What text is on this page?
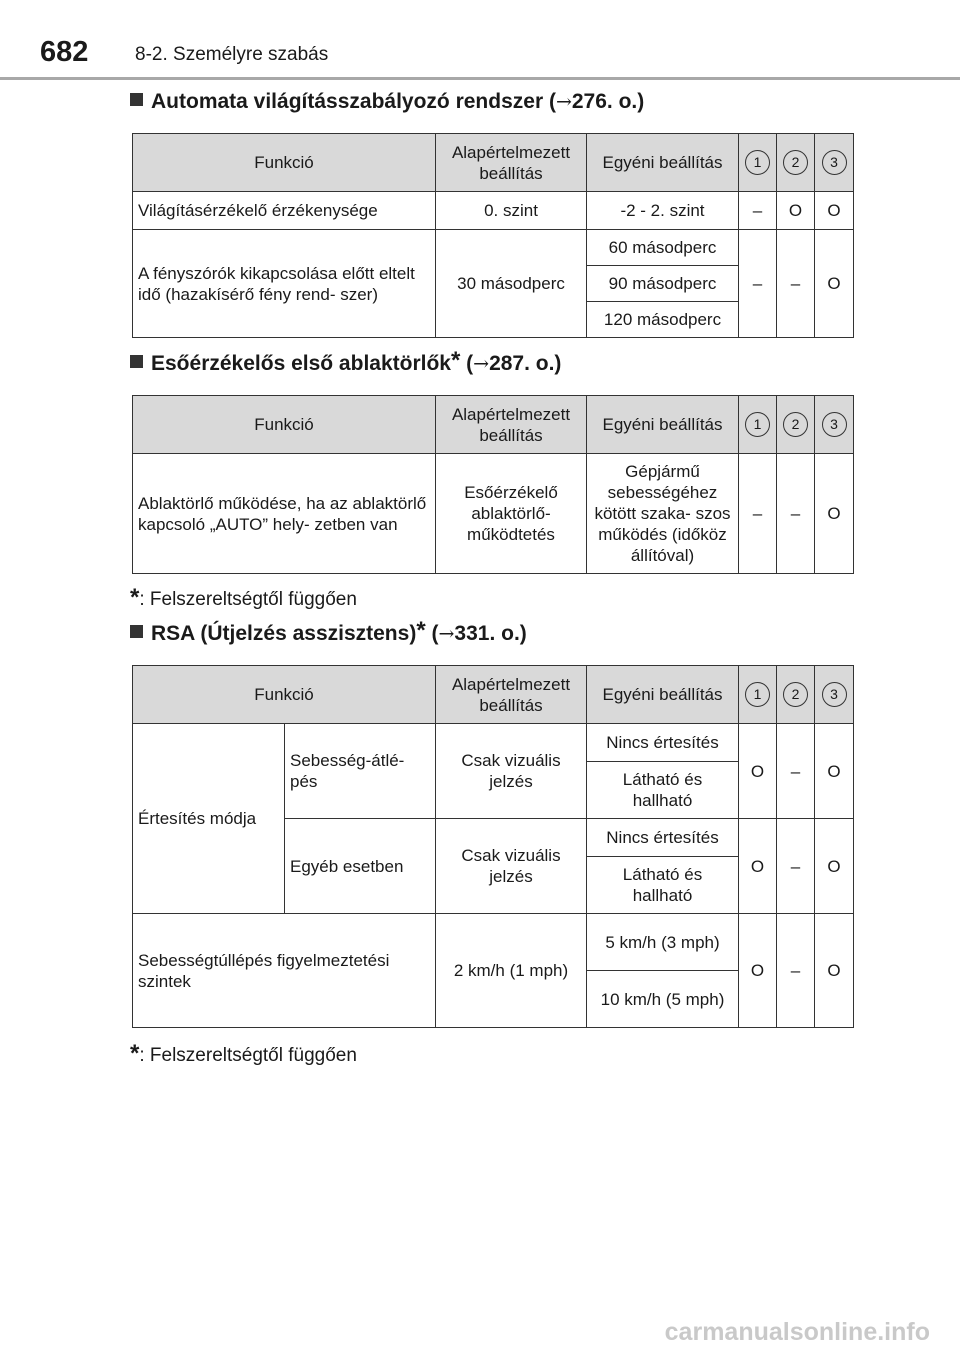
682 8-2. Személyre szabás
Automata világításszabályozó rendszer (→276. o.)
Funkció	Alapértelmezett beállítás	Egyéni beállítás	1	2	3
Világításérzékelő érzékenysége	0. szint	-2 - 2. szint	–	O	O
A fényszórók kikapcsolása előtt eltelt idő (hazakísérő fény rend- szer)	30 másodperc	60 másodperc	–	–	O
		90 másodperc			
		120 másodperc			
Esőérzékelős első ablaktörlők* (→287. o.)
Funkció	Alapértelmezett beállítás	Egyéni beállítás	1	2	3
Ablaktörlő működése, ha az ablaktörlő kapcsoló „AUTO” hely- zetben van	Esőérzékelő ablaktörlő- működtetés	Gépjármű sebességéhez kötött szaka- szos működés (időköz állítóval)	–	–	O
*: Felszereltségtől függően
RSA (Útjelzés asszisztens)* (→331. o.)
Funkció		Alapértelmezett beállítás	Egyéni beállítás	1	2	3
Értesítés módja	Sebesség-átlé- pés	Csak vizuális jelzés	Nincs értesítés	O	–	O
			Látható és hallható			
	Egyéb esetben	Csak vizuális jelzés	Nincs értesítés	O	–	O
			Látható és hallható			
Sebességtúllépés figyelmeztetési szintek		2 km/h (1 mph)	5 km/h (3 mph)	O	–	O
			10 km/h (5 mph)			
*: Felszereltségtől függően
carmanualsonline.info
